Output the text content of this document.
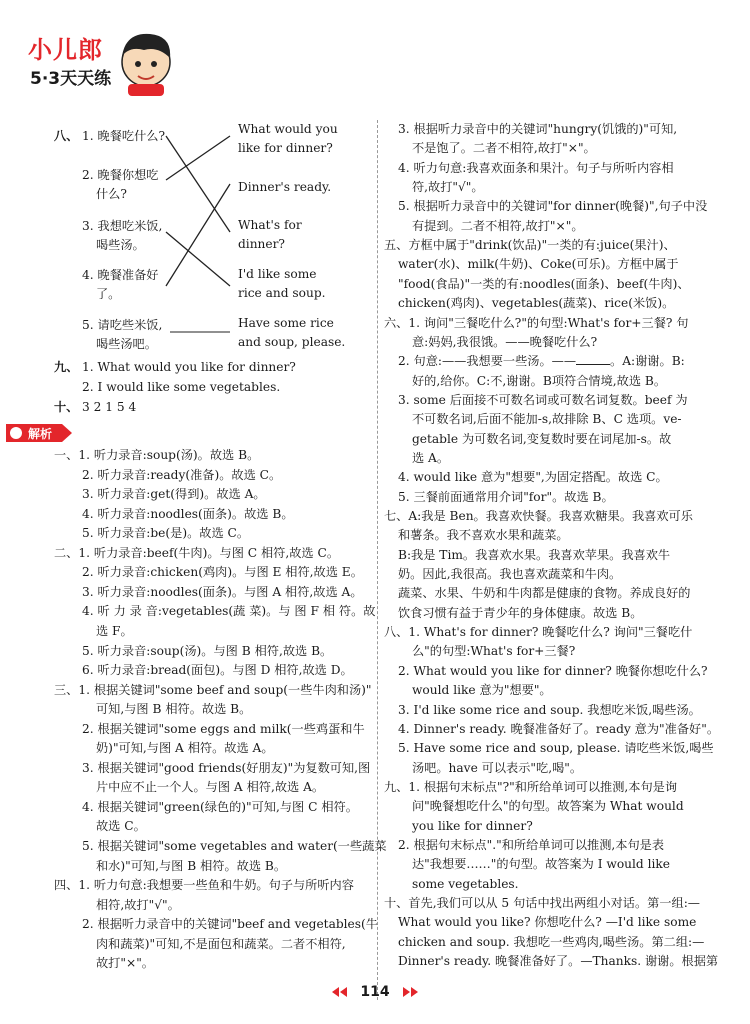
小儿郎
5·3天天练
八、 1. 晚餐吃什么?
2. 晚餐你想吃
什么?
3. 我想吃米饭,
喝些汤。
4. 晚餐准备好
了。
5. 请吃些米饭,
喝些汤吧。
What would you
like for dinner?
Dinner's ready.
What's for
dinner?
I'd like some
rice and soup.
Have some rice
and soup, please.
一、1. 听力录音:soup(汤)。故选 B。
2. 听力录音:ready(准备)。故选 C。
3. 听力录音:get(得到)。故选 A。
4. 听力录音:noodles(面条)。故选 B。
5. 听力录音:be(是)。故选 C。
二、1. 听力录音:beef(牛肉)。与图 C 相符,故选 C。
2. 听力录音:chicken(鸡肉)。与图 E 相符,故选 E。
3. 听力录音:noodles(面条)。与图 A 相符,故选 A。
4. 听 力 录 音:vegetables(蔬 菜)。与 图 F 相 符。故
选 F。
5. 听力录音:soup(汤)。与图 B 相符,故选 B。
6. 听力录音:bread(面包)。与图 D 相符,故选 D。
三、1. 根据关键词"some beef and soup(一些牛肉和汤)"
可知,与图 B 相符。故选 B。
2. 根据关键词"some eggs and milk(一些鸡蛋和牛
奶)"可知,与图 A 相符。故选 A。
3. 根据关键词"good friends(好朋友)"为复数可知,图
片中应不止一个人。与图 A 相符,故选 A。
4. 根据关键词"green(绿色的)"可知,与图 C 相符。
故选 C。
5. 根据关键词"some vegetables and water(一些蔬菜
和水)"可知,与图 B 相符。故选 B。
四、1. 听力句意:我想要一些鱼和牛奶。句子与所听内容
相符,故打"√"。
2. 根据听力录音中的关键词"beef and vegetables(牛
肉和蔬菜)"可知,不是面包和蔬菜。二者不相符,
故打"×"。
九、 1. What would you like for dinner?
2. I would like some vegetables.
十、 3 2 1 5 4
解析
3. 根据听力录音中的关键词"hungry(饥饿的)"可知,
不是饱了。二者不相符,故打"×"。
4. 听力句意:我喜欢面条和果汁。句子与所听内容相
符,故打"√"。
5. 根据听力录音中的关键词"for dinner(晚餐)",句子中没
有提到。二者不相符,故打"×"。
五、方框中属于"drink(饮品)"一类的有:juice(果汁)、
water(水)、milk(牛奶)、Coke(可乐)。方框中属于
"food(食品)"一类的有:noodles(面条)、beef(牛肉)、
chicken(鸡肉)、vegetables(蔬菜)、rice(米饭)。
六、1. 询问"三餐吃什么?"的句型:What's for+三餐? 句
意:妈妈,我很饿。——晚餐吃什么?
2. 句意:——我想要一些汤。——	。A:谢谢。B:
好的,给你。C:不,谢谢。B项符合情境,故选 B。
3. some 后面接不可数名词或可数名词复数。beef 为
不可数名词,后面不能加-s,故排除 B、C 选项。ve-
getable 为可数名词,变复数时要在词尾加-s。故
选 A。
4. would like 意为"想要",为固定搭配。故选 C。
5. 三餐前面通常用介词"for"。故选 B。
七、A:我是 Ben。我喜欢快餐。我喜欢糖果。我喜欢可乐
和薯条。我不喜欢水果和蔬菜。
B:我是 Tim。我喜欢水果。我喜欢苹果。我喜欢牛
奶。因此,我很高。我也喜欢蔬菜和牛肉。
蔬菜、水果、牛奶和牛肉都是健康的食物。养成良好的
饮食习惯有益于青少年的身体健康。故选 B。
八、1. What's for dinner? 晚餐吃什么? 询问"三餐吃什
么"的句型:What's for+三餐?
2. What would you like for dinner? 晚餐你想吃什么?
would like 意为"想要"。
3. I'd like some rice and soup. 我想吃米饭,喝些汤。
4. Dinner's ready. 晚餐准备好了。ready 意为"准备好"。
5. Have some rice and soup, please. 请吃些米饭,喝些
汤吧。have 可以表示"吃,喝"。
九、1. 根据句末标点"?"和所给单词可以推测,本句是询
问"晚餐想吃什么"的句型。故答案为 What would
you like for dinner?
2. 根据句末标点"."和所给单词可以推测,本句是表
达"我想要……"的句型。故答案为 I would like
some vegetables.
十、首先,我们可以从 5 句话中找出两组小对话。第一组:—
What would you like? 你想吃什么? —I'd like some
chicken and soup. 我想吃一些鸡肉,喝些汤。第二组:—
Dinner's ready. 晚餐准备好了。—Thanks. 谢谢。根据第
114
